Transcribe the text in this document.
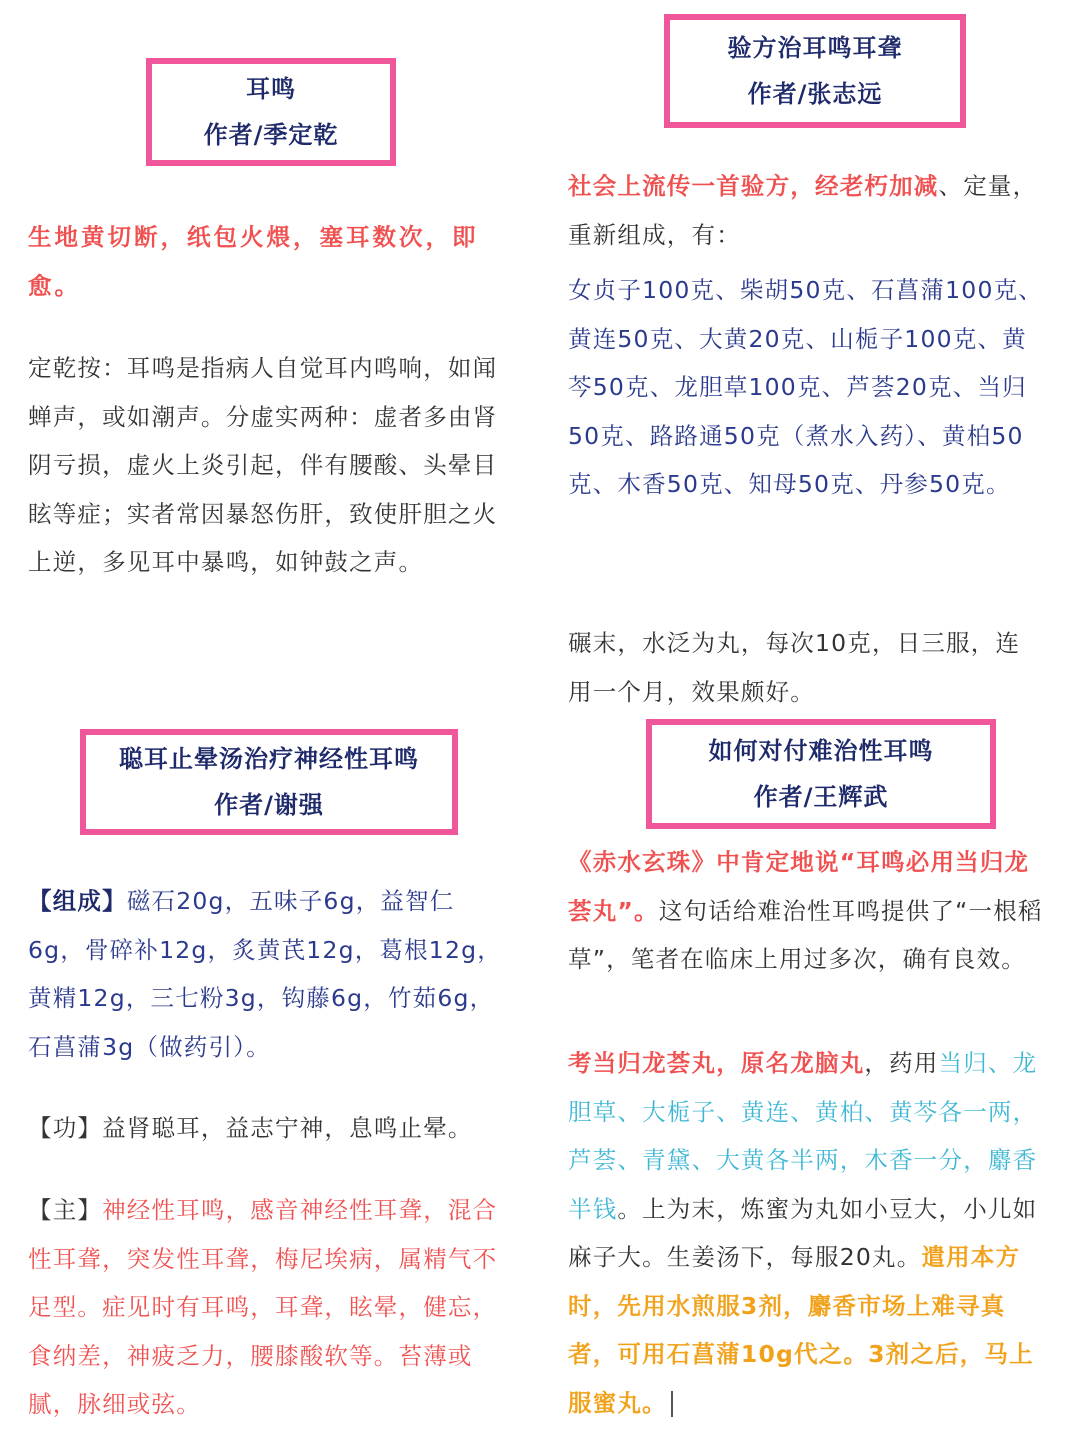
耳鸣
作者/季定乾

生地黄切断，纸包火煨，塞耳数次，即愈。

定乾按：耳鸣是指病人自觉耳内鸣响，如闻蝉声，或如潮声。分虚实两种：虚者多由肾阴亏损，虚火上炎引起，伴有腰酸、头晕目眩等症；实者常因暴怒伤肝，致使肝胆之火上逆，多见耳中暴鸣，如钟鼓之声。

聪耳止晕汤治疗神经性耳鸣
作者/谢强

【组成】磁石20g，五味子6g，益智仁6g，骨碎补12g，炙黄芪12g，葛根12g，黄精12g，三七粉3g，钩藤6g，竹茹6g，石菖蒲3g（做药引）。

【功】益肾聪耳，益志宁神，息鸣止晕。

【主】神经性耳鸣，感音神经性耳聋，混合性耳聋，突发性耳聋，梅尼埃病，属精气不足型。症见时有耳鸣，耳聋，眩晕，健忘，食纳差，神疲乏力，腰膝酸软等。苔薄或腻，脉细或弦。

验方治耳鸣耳聋
作者/张志远

社会上流传一首验方，经老朽加减、定量，重新组成，有：

女贞子100克、柴胡50克、石菖蒲100克、黄连50克、大黄20克、山栀子100克、黄芩50克、龙胆草100克、芦荟20克、当归50克、路路通50克（煮水入药）、黄柏50克、木香50克、知母50克、丹参50克。

碾末，水泛为丸，每次10克，日三服，连用一个月，效果颇好。

如何对付难治性耳鸣
作者/王辉武

《赤水玄珠》中肯定地说“耳鸣必用当归龙荟丸”。这句话给难治性耳鸣提供了“一根稻草”，笔者在临床上用过多次，确有良效。

考当归龙荟丸，原名龙脑丸，药用当归、龙胆草、大栀子、黄连、黄柏、黄芩各一两，芦荟、青黛、大黄各半两，木香一分，麝香半钱。上为末，炼蜜为丸如小豆大，小儿如麻子大。生姜汤下，每服20丸。遣用本方时，先用水煎服3剂，麝香市场上难寻真者，可用石菖蒲10g代之。3剂之后，马上服蜜丸。
